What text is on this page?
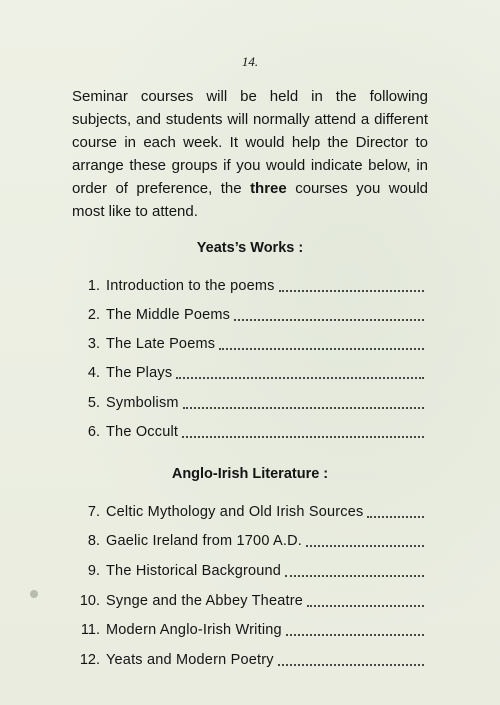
14.
Seminar courses will be held in the following subjects, and students will normally attend a different course in each week. It would help the Director to arrange these groups if you would indicate below, in order of preference, the three courses you would most like to attend.
Yeats’s Works :
1. Introduction to the poems
2. The Middle Poems
3. The Late Poems
4. The Plays
5. Symbolism
6. The Occult
Anglo-Irish Literature :
7. Celtic Mythology and Old Irish Sources
8. Gaelic Ireland from 1700 A.D.
9. The Historical Background
10. Synge and the Abbey Theatre
11. Modern Anglo-Irish Writing
12. Yeats and Modern Poetry
